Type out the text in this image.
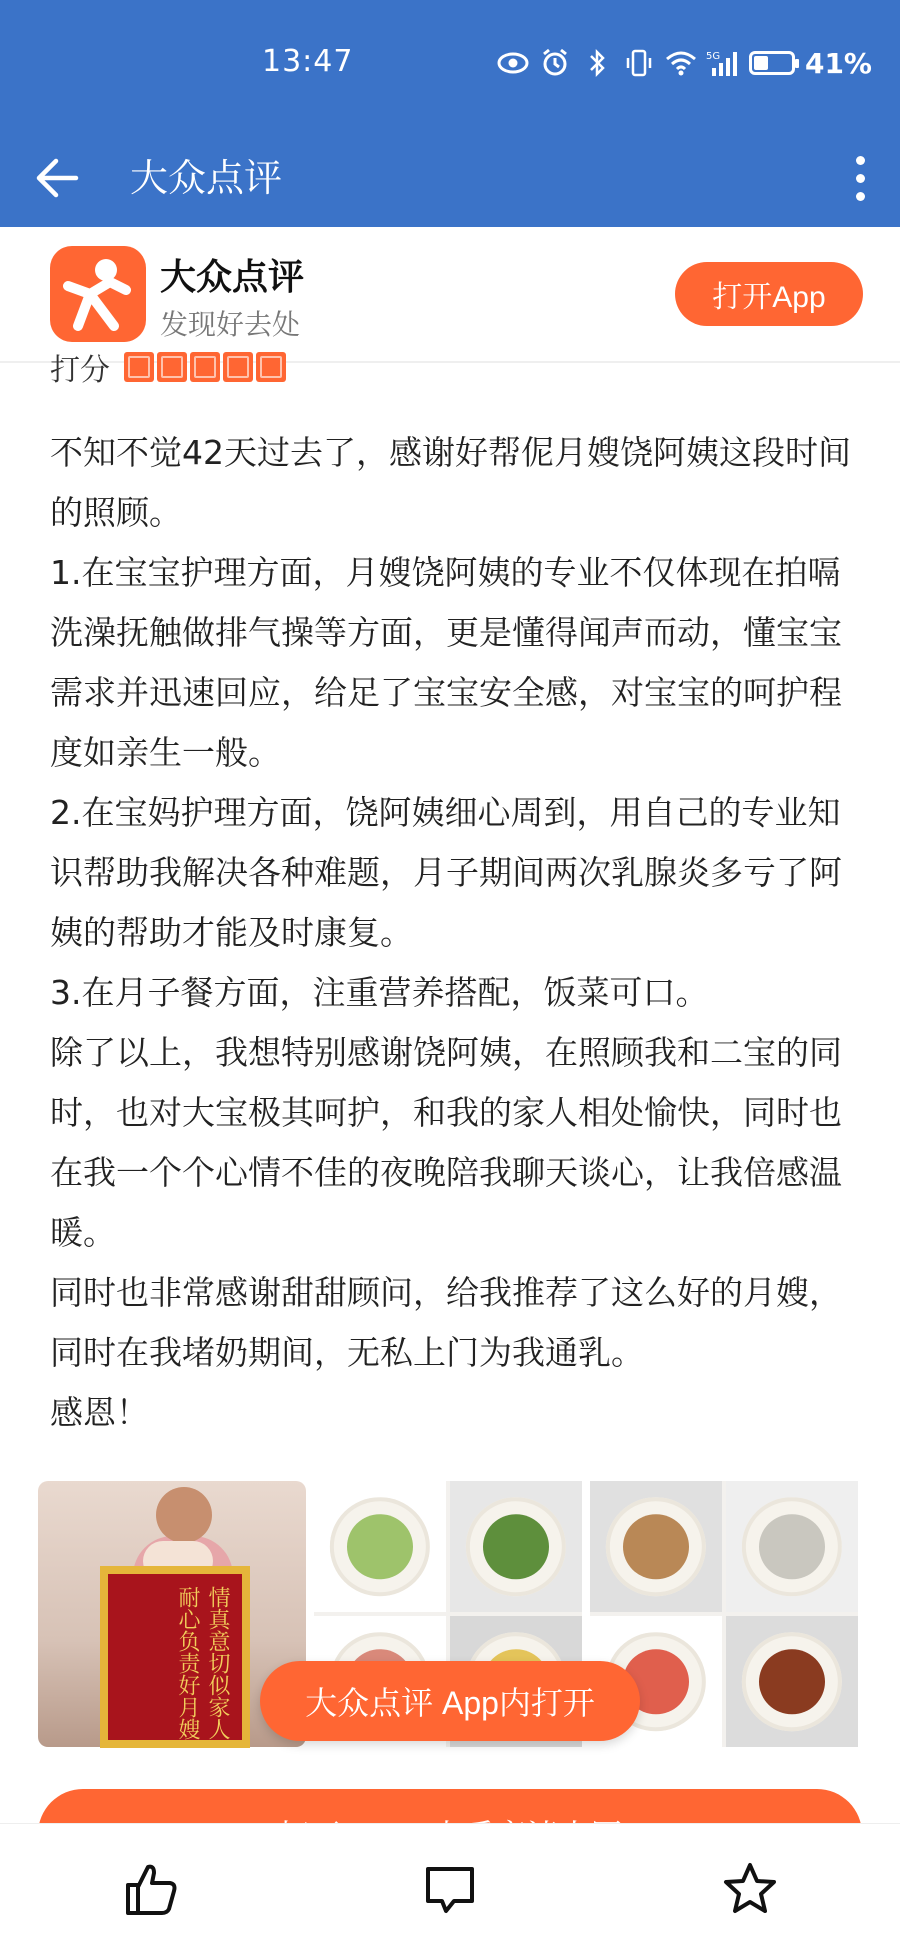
13:47	5G	41%
大众点评
大众点评
发现好去处
打开App
打分

不知不觉42天过去了，感谢好帮伲月嫂饶阿姨这段时间的照顾。

1.在宝宝护理方面，月嫂饶阿姨的专业不仅体现在拍嗝洗澡抚触做排气操等方面，更是懂得闻声而动，懂宝宝需求并迅速回应，给足了宝宝安全感，对宝宝的呵护程度如亲生一般。

2.在宝妈护理方面，饶阿姨细心周到，用自己的专业知识帮助我解决各种难题，月子期间两次乳腺炎多亏了阿姨的帮助才能及时康复。

3.在月子餐方面，注重营养搭配，饭菜可口。

除了以上，我想特别感谢饶阿姨，在照顾我和二宝的同时，也对大宝极其呵护，和我的家人相处愉快，同时也在我一个个心情不佳的夜晚陪我聊天谈心，让我倍感温暖。

同时也非常感谢甜甜顾问，给我推荐了这么好的月嫂，同时在我堵奶期间，无私上门为我通乳。

感恩！

情真意切似家人 耐心负责好月嫂	大众点评 App内打开
